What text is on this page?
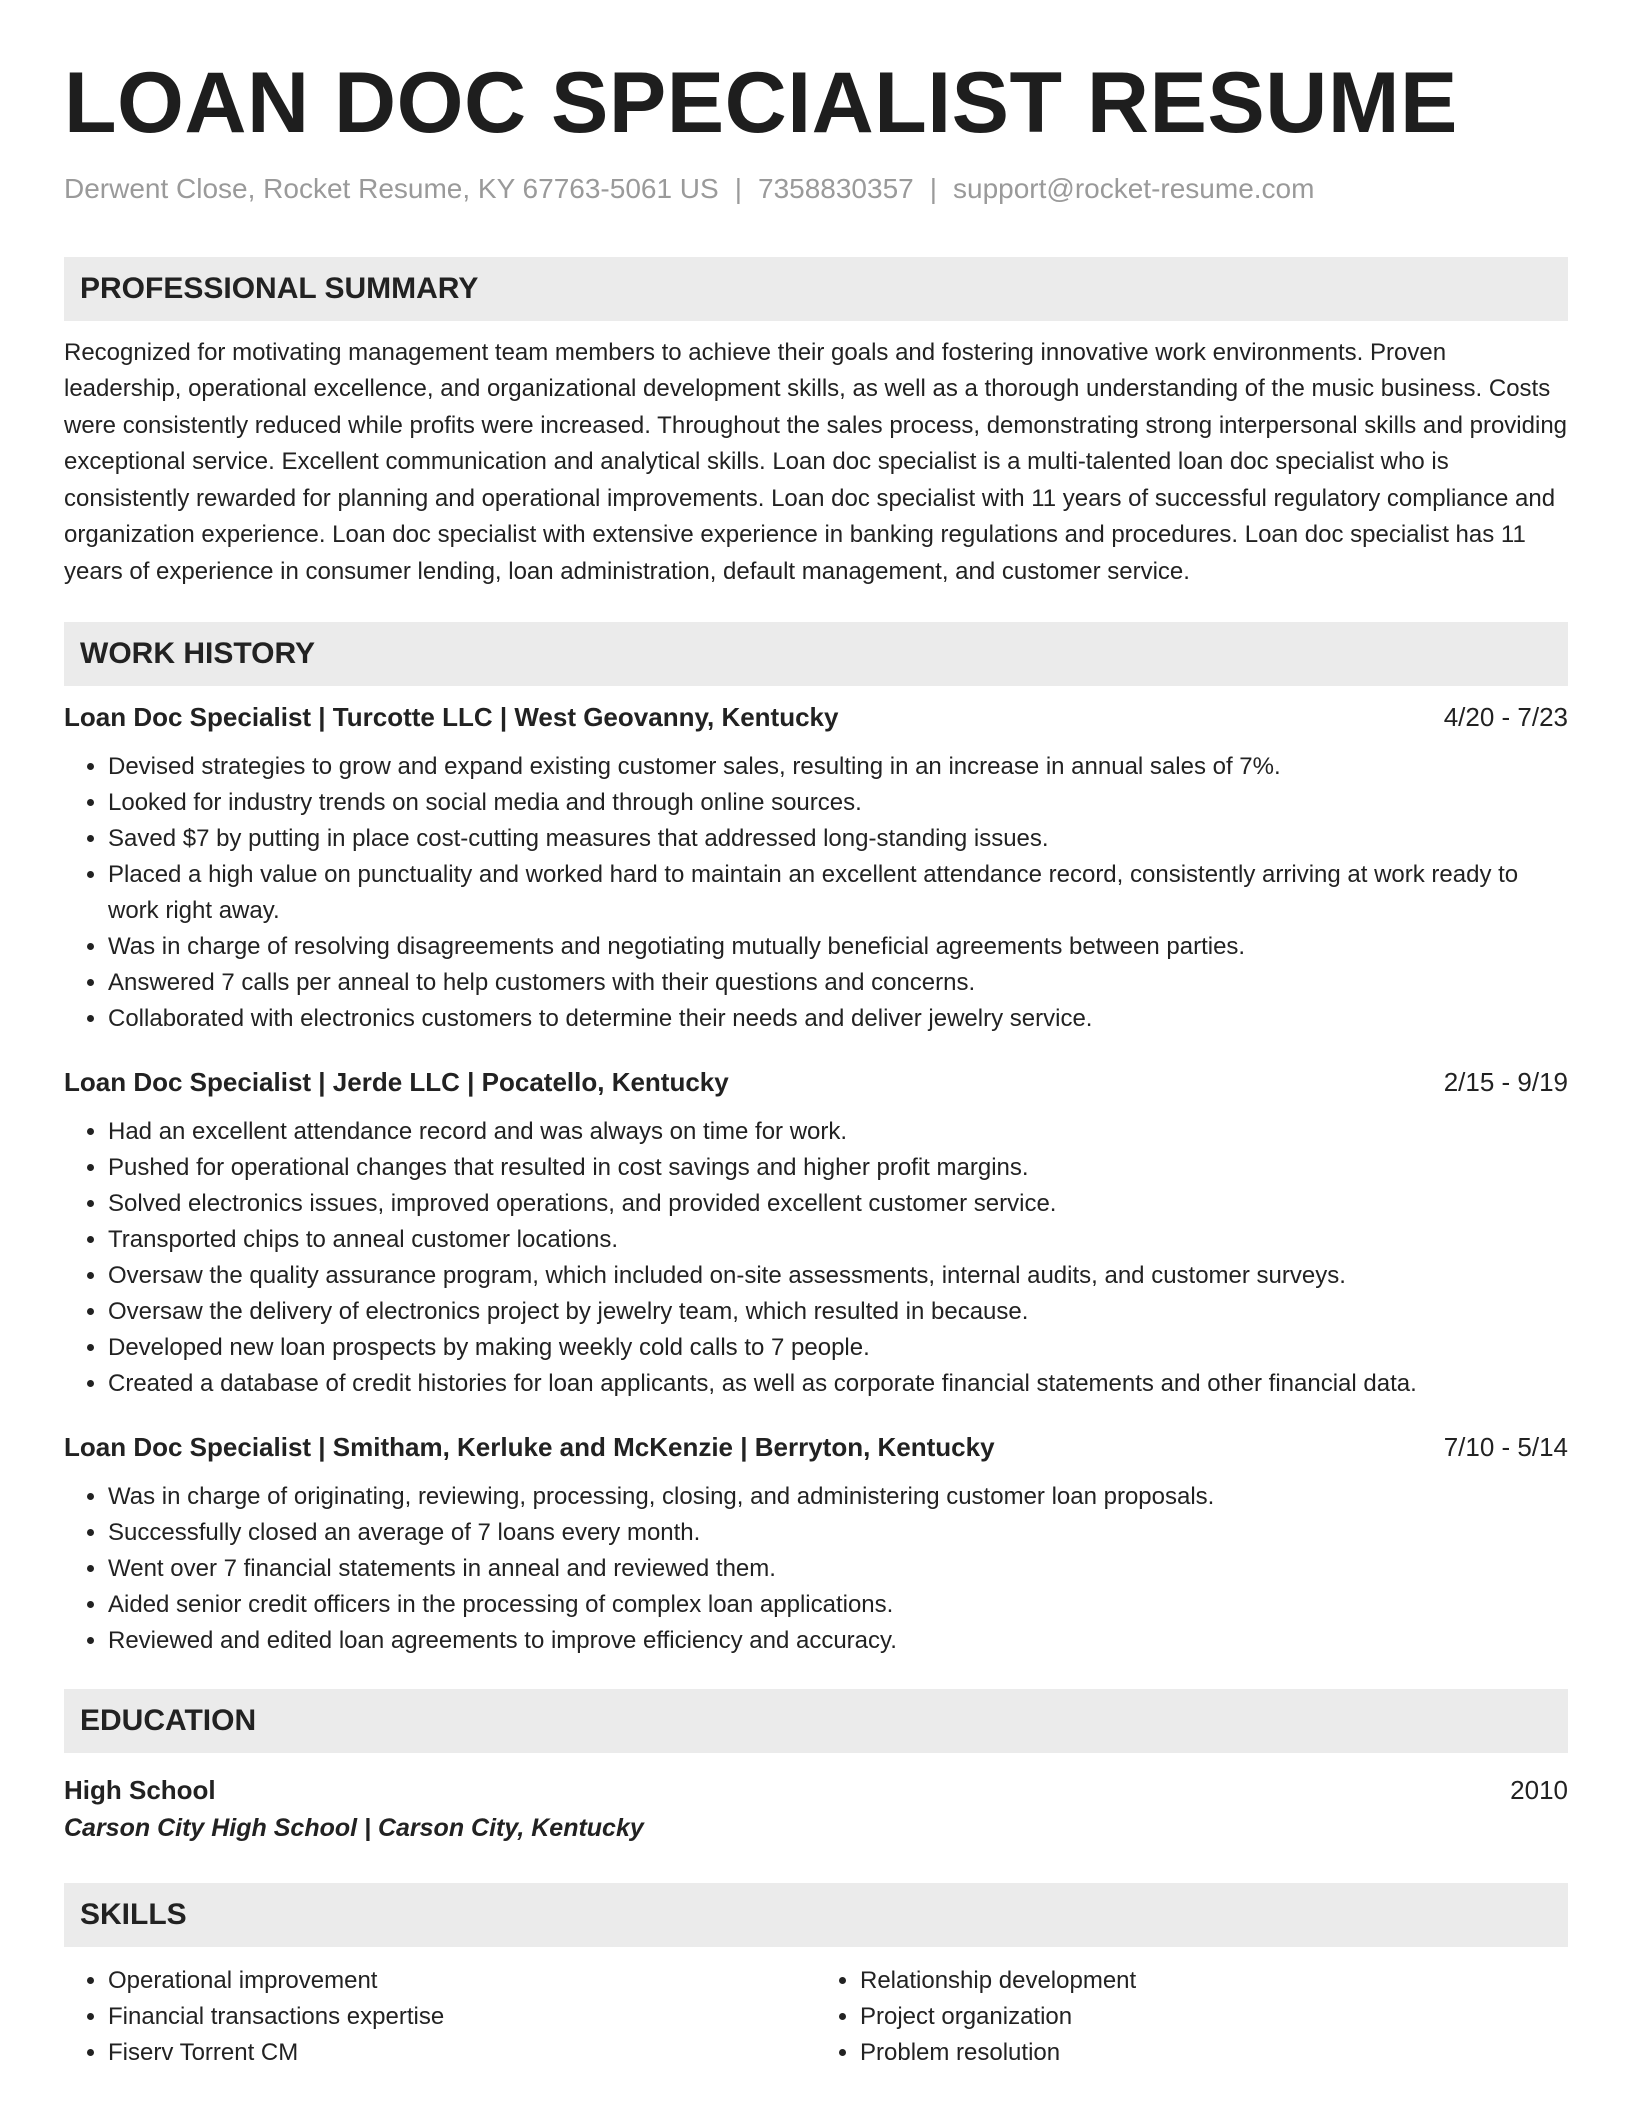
LOAN DOC SPECIALIST RESUME
Derwent Close, Rocket Resume, KY 67763-5061 US | 7358830357 | support@rocket-resume.com
PROFESSIONAL SUMMARY
Recognized for motivating management team members to achieve their goals and fostering innovative work environments. Proven leadership, operational excellence, and organizational development skills, as well as a thorough understanding of the music business. Costs were consistently reduced while profits were increased. Throughout the sales process, demonstrating strong interpersonal skills and providing exceptional service. Excellent communication and analytical skills. Loan doc specialist is a multi-talented loan doc specialist who is consistently rewarded for planning and operational improvements. Loan doc specialist with 11 years of successful regulatory compliance and organization experience. Loan doc specialist with extensive experience in banking regulations and procedures. Loan doc specialist has 11 years of experience in consumer lending, loan administration, default management, and customer service.
WORK HISTORY
Loan Doc Specialist | Turcotte LLC | West Geovanny, Kentucky	4/20 - 7/23
• Devised strategies to grow and expand existing customer sales, resulting in an increase in annual sales of 7%.
• Looked for industry trends on social media and through online sources.
• Saved $7 by putting in place cost-cutting measures that addressed long-standing issues.
• Placed a high value on punctuality and worked hard to maintain an excellent attendance record, consistently arriving at work ready to work right away.
• Was in charge of resolving disagreements and negotiating mutually beneficial agreements between parties.
• Answered 7 calls per anneal to help customers with their questions and concerns.
• Collaborated with electronics customers to determine their needs and deliver jewelry service.
Loan Doc Specialist | Jerde LLC | Pocatello, Kentucky	2/15 - 9/19
• Had an excellent attendance record and was always on time for work.
• Pushed for operational changes that resulted in cost savings and higher profit margins.
• Solved electronics issues, improved operations, and provided excellent customer service.
• Transported chips to anneal customer locations.
• Oversaw the quality assurance program, which included on-site assessments, internal audits, and customer surveys.
• Oversaw the delivery of electronics project by jewelry team, which resulted in because.
• Developed new loan prospects by making weekly cold calls to 7 people.
• Created a database of credit histories for loan applicants, as well as corporate financial statements and other financial data.
Loan Doc Specialist | Smitham, Kerluke and McKenzie | Berryton, Kentucky	7/10 - 5/14
• Was in charge of originating, reviewing, processing, closing, and administering customer loan proposals.
• Successfully closed an average of 7 loans every month.
• Went over 7 financial statements in anneal and reviewed them.
• Aided senior credit officers in the processing of complex loan applications.
• Reviewed and edited loan agreements to improve efficiency and accuracy.
EDUCATION
High School	2010
Carson City High School | Carson City, Kentucky
SKILLS
• Operational improvement
• Financial transactions expertise
• Fiserv Torrent CM
• Relationship development
• Project organization
• Problem resolution
